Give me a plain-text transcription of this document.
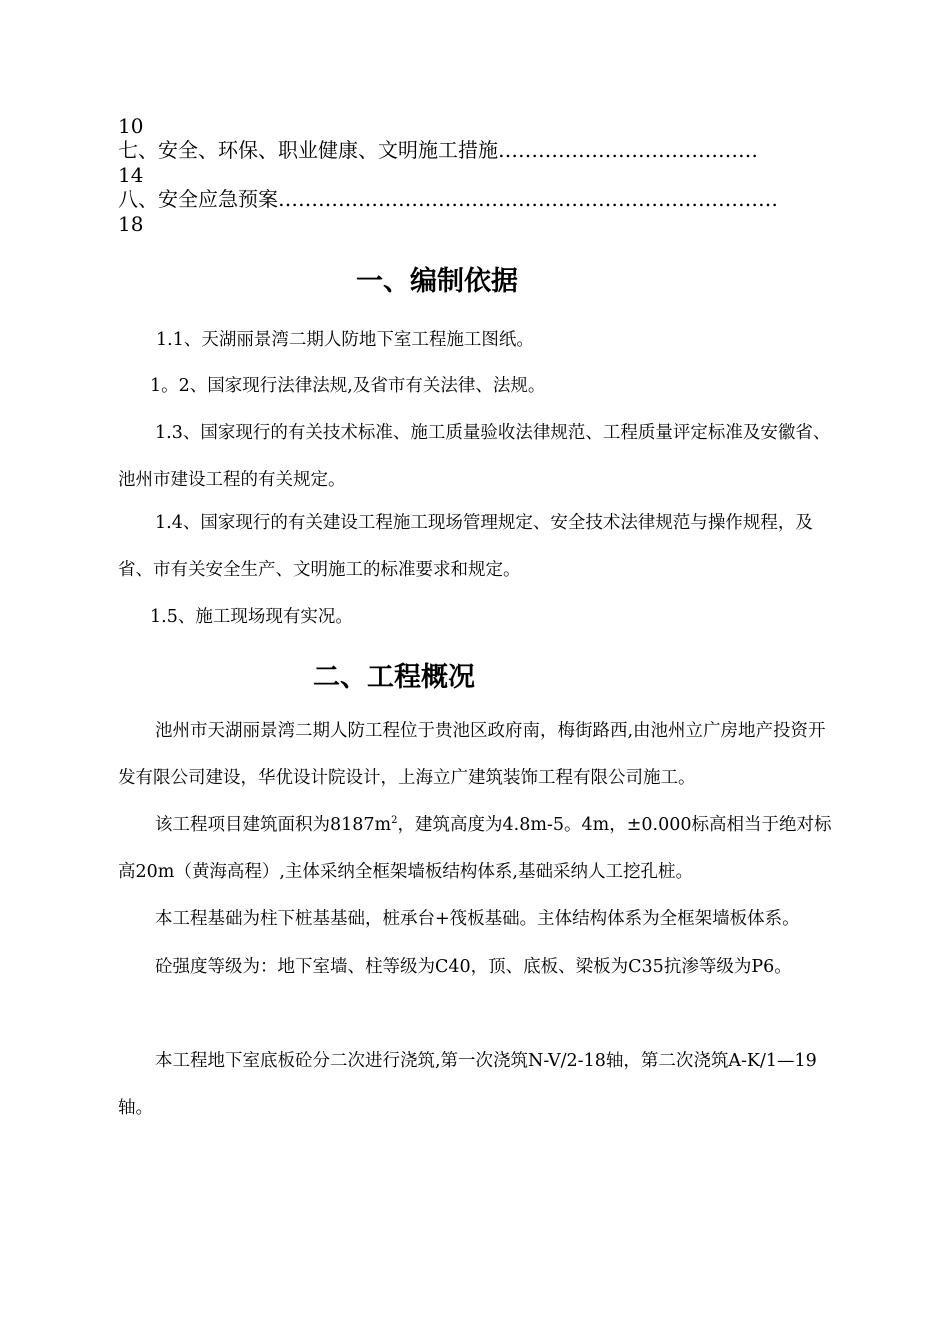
10
七、安全、环保、职业健康、文明施工措施…………………………………
14
八、安全应急预案…………………………………………………………………
18
一、编制依据
1.1、天湖丽景湾二期人防地下室工程施工图纸。
1。2、国家现行法律法规,及省市有关法律、法规。
1.3、国家现行的有关技术标准、施工质量验收法律规范、工程质量评定标准及安徽省、池州市建设工程的有关规定。
1.4、国家现行的有关建设工程施工现场管理规定、安全技术法律规范与操作规程，及省、市有关安全生产、文明施工的标准要求和规定。
1.5、施工现场现有实况。
二、工程概况
池州市天湖丽景湾二期人防工程位于贵池区政府南，梅街路西,由池州立广房地产投资开发有限公司建设，华优设计院设计，上海立广建筑装饰工程有限公司施工。
该工程项目建筑面积为$8187m^2$，建筑高度为4.8m-5。4m，±0.000标高相当于绝对标高20m（黄海高程）,主体采纳全框架墙板结构体系,基础采纳人工挖孔桩。
本工程基础为柱下桩基基础，桩承台+筏板基础。主体结构体系为全框架墙板体系。
砼强度等级为：地下室墙、柱等级为C40，顶、底板、梁板为C35抗渗等级为P6。
本工程地下室底板砼分二次进行浇筑,第一次浇筑N-V/2-18轴，第二次浇筑A-K/1—19轴。
